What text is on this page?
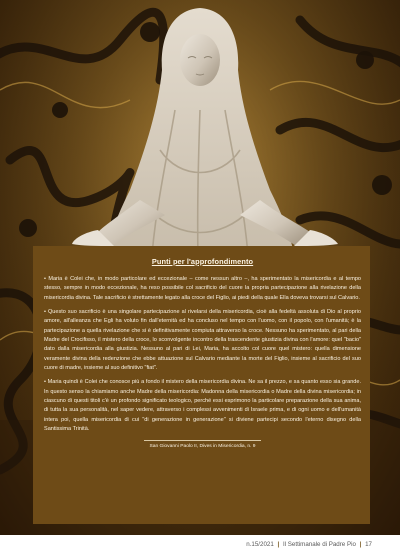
Punti per l'approfondimento

• Maria è Colei che, in modo particolare ed eccezionale – come nessun altro –, ha sperimentato la misericordia e al tempo stesso, sempre in modo eccezionale, ha reso possibile col sacrificio del cuore la propria partecipazione alla rivelazione della misericordia divina. Tale sacrificio è strettamente legato alla croce del Figlio, ai piedi della quale Ella doveva trovarsi sul Calvario.

• Questo suo sacrificio è una singolare partecipazione al rivelarsi della misericordia, cioè alla fedeltà assoluta di Dio al proprio amore, all'alleanza che Egli ha voluto fin dall'eternità ed ha concluso nel tempo con l'uomo, con il popolo, con l'umanità; è la partecipazione a quella rivelazione che si è definitivamente compiuta attraverso la croce. Nessuno ha sperimentato, al pari della Madre del Crocifisso, il mistero della croce, lo sconvolgente incontro della trascendente giustizia divina con l'amore: quel "bacio" dato dalla misericordia alla giustizia. Nessuno al pari di Lei, Maria, ha accolto col cuore quel mistero: quella dimensione veramente divina della redenzione che ebbe attuazione sul Calvario mediante la morte del Figlio, insieme al sacrificio del suo cuore di madre, insieme al suo definitivo "fiat".

• Maria quindi è Colei che conosce più a fondo il mistero della misericordia divina. Ne sa il prezzo, e sa quanto esso sia grande. In questo senso la chiamiamo anche Madre della misericordia: Madonna della misericordia o Madre della divina misericordia; in ciascuno di questi titoli c'è un profondo significato teologico, perché essi esprimono la particolare preparazione della sua anima, di tutta la sua personalità, nel saper vedere, attraverso i complessi avvenimenti di Israele prima, e di ogni uomo e dell'umanità intera poi, quella misericordia di cui "di generazione in generazione" si diviene partecipi secondo l'eterno disegno della Santissima Trinità.

San Giovanni Paolo II, Dives in Misericordia, n. 9
n.15/2021 | Il Settimanale di Padre Pio | 17
